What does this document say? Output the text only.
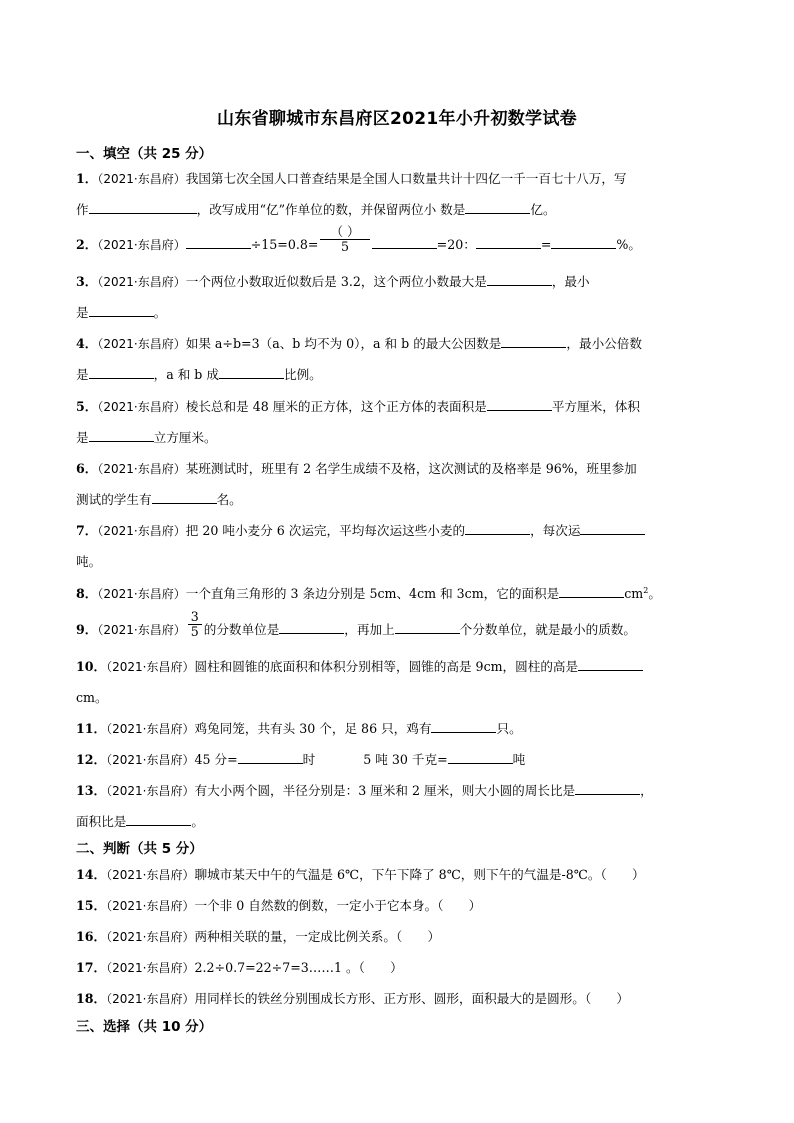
山东省聊城市东昌府区2021年小升初数学试卷
一、填空（共 25 分）
1．（2021·东昌府）我国第七次全国人口普查结果是全国人口数量共计十四亿一千一百七十八万，写
作	，改写成用“亿”作单位的数，并保留两位小 数是	亿。
2．（2021·东昌府）	$\div 15=0.8= \frac{( )}{5}$	=20：	=	%。
3．（2021·东昌府）一个两位小数取近似数后是 3.2，这个两位小数最大是	，最小
是	。
4．（2021·东昌府）如果 a÷b=3（a、b 均不为 0），a 和 b 的最大公因数是	，最小公倍数
是	，a 和 b 成	比例。
5．（2021·东昌府）棱长总和是 48 厘米的正方体，这个正方体的表面积是	平方厘米，体积
是	立方厘米。
6．（2021·东昌府）某班测试时，班里有 2 名学生成绩不及格，这次测试的及格率是 96%，班里参加
测试的学生有	名。
7．（2021·东昌府）把 20 吨小麦分 6 次运完，平均每次运这些小麦的	，每次运
吨。
8．（2021·东昌府）一个直角三角形的 3 条边分别是 5cm、4cm 和 3cm，它的面积是	$cm^2$。
9．（2021·东昌府） $\frac{3}{5}$ 的分数单位是	，再加上	个分数单位，就是最小的质数。
10．（2021·东昌府）圆柱和圆锥的底面积和体积分别相等，圆锥的高是 9cm，圆柱的高是
cm。
11．（2021·东昌府）鸡兔同笼，共有头 30 个，足 86 只，鸡有	只。
12．（2021·东昌府）45 分=	时	5 吨 30 千克=	吨
13．（2021·东昌府）有大小两个圆，半径分别是：3 厘米和 2 厘米，则大小圆的周长比是	，
面积比是	。
二、判断（共 5 分）
14．（2021·东昌府）聊城市某天中午的气温是 6℃，下午下降了 8℃，则下午的气温是-8℃。（　　）
15．（2021·东昌府）一个非 0 自然数的倒数，一定小于它本身。（　　）
16．（2021·东昌府）两种相关联的量，一定成比例关系。（　　）
17．（2021·东昌府）2.2÷0.7=22÷7=3……1 。（　　）
18．（2021·东昌府）用同样长的铁丝分别围成长方形、正方形、圆形，面积最大的是圆形。（　　）
三、选择（共 10 分）
